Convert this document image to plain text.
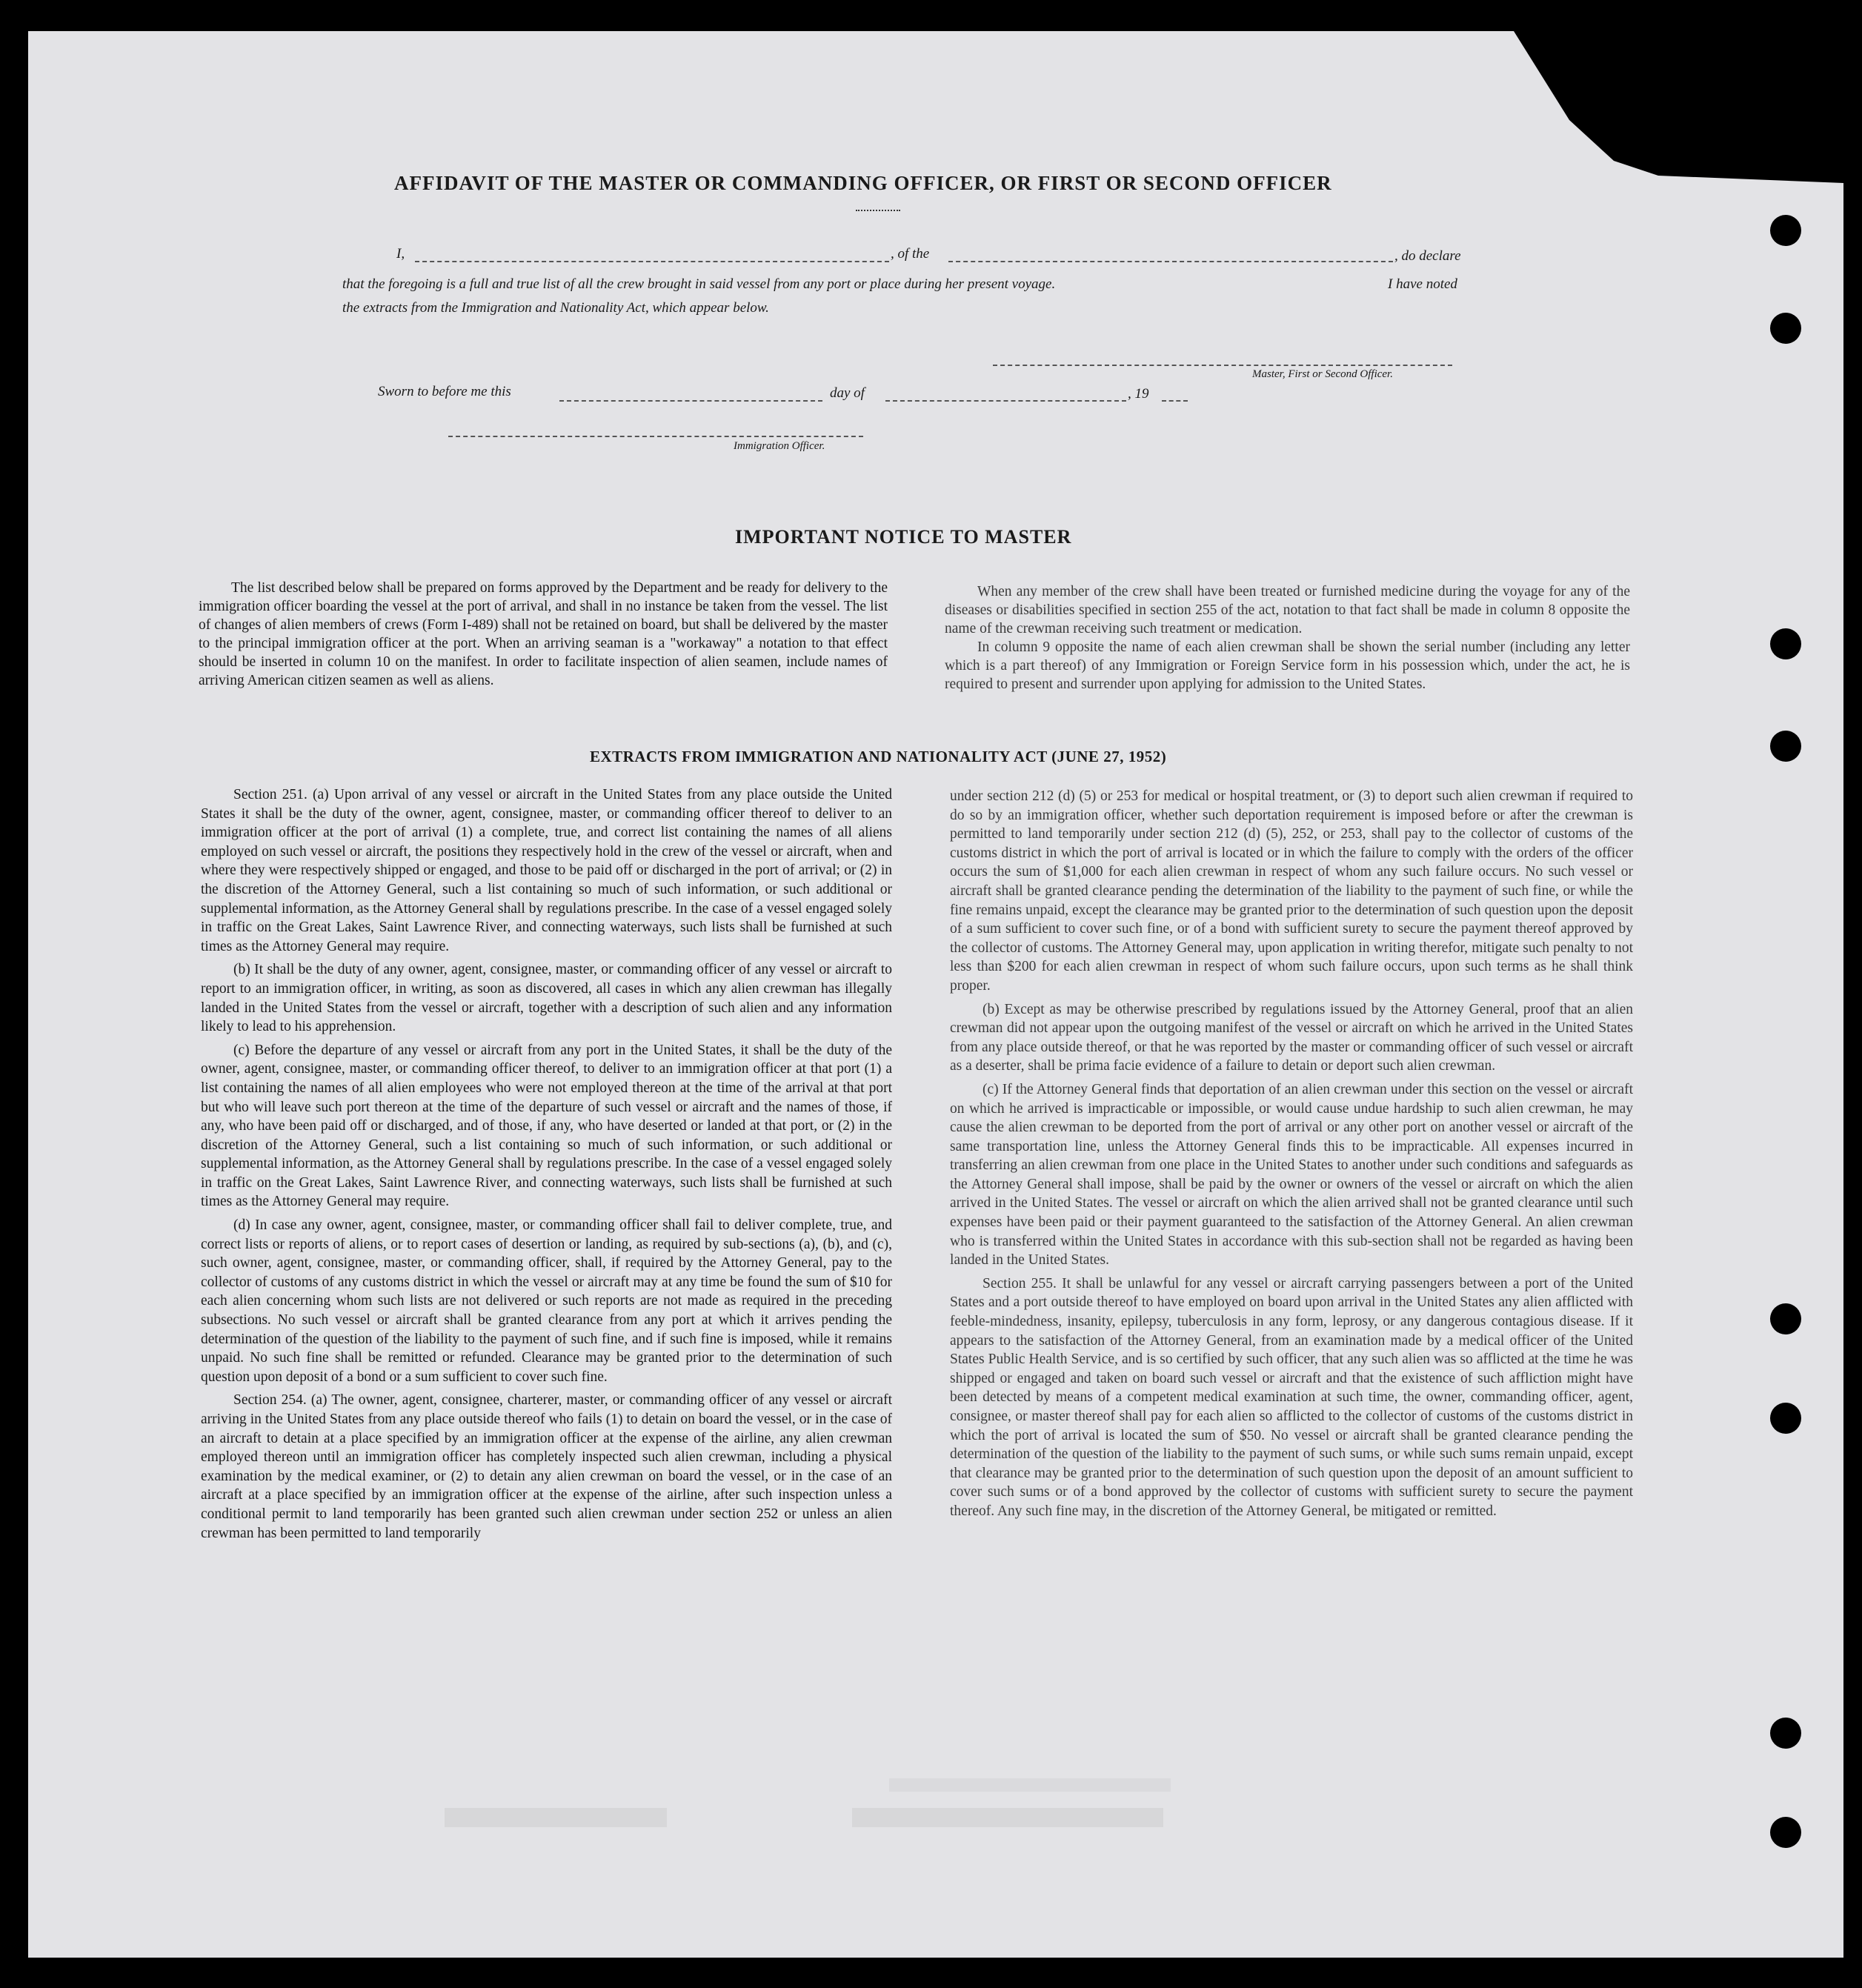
AFFIDAVIT OF THE MASTER OR COMMANDING OFFICER, OR FIRST OR SECOND OFFICER
I,	, of the	, do declare
that the foregoing is a full and true list of all the crew brought in said vessel from any port or place during her present voyage.	I have noted
the extracts from the Immigration and Nationality Act, which appear below.
Master, First or Second Officer.
Sworn to before me this	day of	, 19
Immigration Officer.
IMPORTANT NOTICE TO MASTER

The list described below shall be prepared on forms approved by the Department and be ready for delivery to the immigration officer boarding the vessel at the port of arrival, and shall in no instance be taken from the vessel. The list of changes of alien members of crews (Form I-489) shall not be retained on board, but shall be delivered by the master to the principal immigration officer at the port. When an arriving seaman is a "workaway" a notation to that effect should be inserted in column 10 on the manifest. In order to facilitate inspection of alien seamen, include names of arriving American citizen seamen as well as aliens.

When any member of the crew shall have been treated or furnished medicine during the voyage for any of the diseases or disabilities specified in section 255 of the act, notation to that fact shall be made in column 8 opposite the name of the crewman receiving such treatment or medication.

In column 9 opposite the name of each alien crewman shall be shown the serial number (including any letter which is a part thereof) of any Immigration or Foreign Service form in his possession which, under the act, he is required to present and surrender upon applying for admission to the United States.

EXTRACTS FROM IMMIGRATION AND NATIONALITY ACT (JUNE 27, 1952)

Section 251. (a) Upon arrival of any vessel or aircraft in the United States from any place outside the United States it shall be the duty of the owner, agent, consignee, master, or commanding officer thereof to deliver to an immigration officer at the port of arrival (1) a complete, true, and correct list containing the names of all aliens employed on such vessel or aircraft, the positions they respectively hold in the crew of the vessel or aircraft, when and where they were respectively shipped or engaged, and those to be paid off or discharged in the port of arrival; or (2) in the discretion of the Attorney General, such a list containing so much of such information, or such additional or supplemental information, as the Attorney General shall by regulations prescribe. In the case of a vessel engaged solely in traffic on the Great Lakes, Saint Lawrence River, and connecting waterways, such lists shall be furnished at such times as the Attorney General may require.

(b) It shall be the duty of any owner, agent, consignee, master, or commanding officer of any vessel or aircraft to report to an immigration officer, in writing, as soon as discovered, all cases in which any alien crewman has illegally landed in the United States from the vessel or aircraft, together with a description of such alien and any information likely to lead to his apprehension.

(c) Before the departure of any vessel or aircraft from any port in the United States, it shall be the duty of the owner, agent, consignee, master, or commanding officer thereof, to deliver to an immigration officer at that port (1) a list containing the names of all alien employees who were not employed thereon at the time of the arrival at that port but who will leave such port thereon at the time of the departure of such vessel or aircraft and the names of those, if any, who have been paid off or discharged, and of those, if any, who have deserted or landed at that port, or (2) in the discretion of the Attorney General, such a list containing so much of such information, or such additional or supplemental information, as the Attorney General shall by regulations prescribe. In the case of a vessel engaged solely in traffic on the Great Lakes, Saint Lawrence River, and connecting waterways, such lists shall be furnished at such times as the Attorney General may require.

(d) In case any owner, agent, consignee, master, or commanding officer shall fail to deliver complete, true, and correct lists or reports of aliens, or to report cases of desertion or landing, as required by sub-sections (a), (b), and (c), such owner, agent, consignee, master, or commanding officer, shall, if required by the Attorney General, pay to the collector of customs of any customs district in which the vessel or aircraft may at any time be found the sum of $10 for each alien concerning whom such lists are not delivered or such reports are not made as required in the preceding subsections. No such vessel or aircraft shall be granted clearance from any port at which it arrives pending the determination of the question of the liability to the payment of such fine, and if such fine is imposed, while it remains unpaid. No such fine shall be remitted or refunded. Clearance may be granted prior to the determination of such question upon deposit of a bond or a sum sufficient to cover such fine.

Section 254. (a) The owner, agent, consignee, charterer, master, or commanding officer of any vessel or aircraft arriving in the United States from any place outside thereof who fails (1) to detain on board the vessel, or in the case of an aircraft to detain at a place specified by an immigration officer at the expense of the airline, any alien crewman employed thereon until an immigration officer has completely inspected such alien crewman, including a physical examination by the medical examiner, or (2) to detain any alien crewman on board the vessel, or in the case of an aircraft at a place specified by an immigration officer at the expense of the airline, after such inspection unless a conditional permit to land temporarily has been granted such alien crewman under section 252 or unless an alien crewman has been permitted to land temporarily

under section 212 (d) (5) or 253 for medical or hospital treatment, or (3) to deport such alien crewman if required to do so by an immigration officer, whether such deportation requirement is imposed before or after the crewman is permitted to land temporarily under section 212 (d) (5), 252, or 253, shall pay to the collector of customs of the customs district in which the port of arrival is located or in which the failure to comply with the orders of the officer occurs the sum of $1,000 for each alien crewman in respect of whom any such failure occurs. No such vessel or aircraft shall be granted clearance pending the determination of the liability to the payment of such fine, or while the fine remains unpaid, except the clearance may be granted prior to the determination of such question upon the deposit of a sum sufficient to cover such fine, or of a bond with sufficient surety to secure the payment thereof approved by the collector of customs. The Attorney General may, upon application in writing therefor, mitigate such penalty to not less than $200 for each alien crewman in respect of whom such failure occurs, upon such terms as he shall think proper.

(b) Except as may be otherwise prescribed by regulations issued by the Attorney General, proof that an alien crewman did not appear upon the outgoing manifest of the vessel or aircraft on which he arrived in the United States from any place outside thereof, or that he was reported by the master or commanding officer of such vessel or aircraft as a deserter, shall be prima facie evidence of a failure to detain or deport such alien crewman.

(c) If the Attorney General finds that deportation of an alien crewman under this section on the vessel or aircraft on which he arrived is impracticable or impossible, or would cause undue hardship to such alien crewman, he may cause the alien crewman to be deported from the port of arrival or any other port on another vessel or aircraft of the same transportation line, unless the Attorney General finds this to be impracticable. All expenses incurred in transferring an alien crewman from one place in the United States to another under such conditions and safeguards as the Attorney General shall impose, shall be paid by the owner or owners of the vessel or aircraft on which the alien arrived in the United States. The vessel or aircraft on which the alien arrived shall not be granted clearance until such expenses have been paid or their payment guaranteed to the satisfaction of the Attorney General. An alien crewman who is transferred within the United States in accordance with this sub-section shall not be regarded as having been landed in the United States.

Section 255. It shall be unlawful for any vessel or aircraft carrying passengers between a port of the United States and a port outside thereof to have employed on board upon arrival in the United States any alien afflicted with feeble-mindedness, insanity, epilepsy, tuberculosis in any form, leprosy, or any dangerous contagious disease. If it appears to the satisfaction of the Attorney General, from an examination made by a medical officer of the United States Public Health Service, and is so certified by such officer, that any such alien was so afflicted at the time he was shipped or engaged and taken on board such vessel or aircraft and that the existence of such affliction might have been detected by means of a competent medical examination at such time, the owner, commanding officer, agent, consignee, or master thereof shall pay for each alien so afflicted to the collector of customs of the customs district in which the port of arrival is located the sum of $50. No vessel or aircraft shall be granted clearance pending the determination of the question of the liability to the payment of such sums, or while such sums remain unpaid, except that clearance may be granted prior to the determination of such question upon the deposit of an amount sufficient to cover such sums or of a bond approved by the collector of customs with sufficient surety to secure the payment thereof. Any such fine may, in the discretion of the Attorney General, be mitigated or remitted.
